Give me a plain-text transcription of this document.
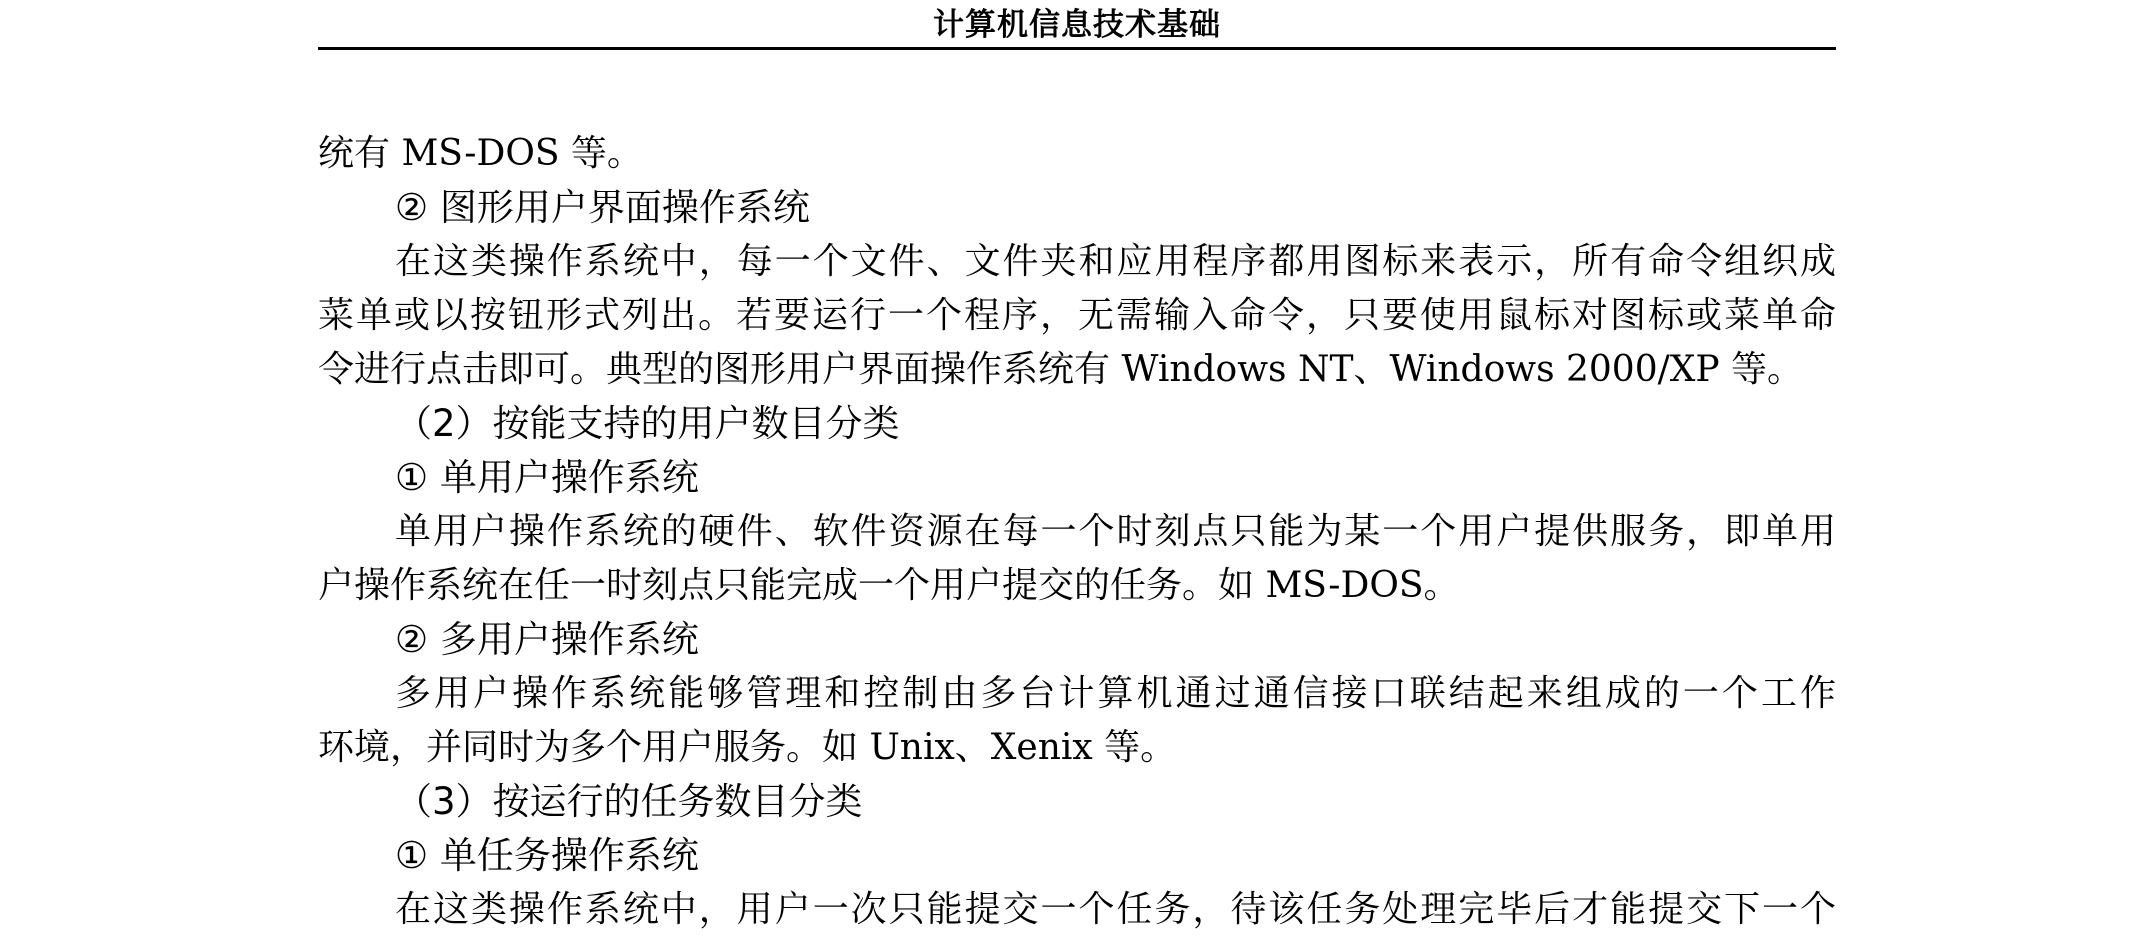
计算机信息技术基础
统有 MS-DOS 等。
② 图形用户界面操作系统
在这类操作系统中，每一个文件、文件夹和应用程序都用图标来表示，所有命令组织成
菜单或以按钮形式列出。若要运行一个程序，无需输入命令，只要使用鼠标对图标或菜单命
令进行点击即可。典型的图形用户界面操作系统有 Windows NT、Windows 2000/XP 等。
（2）按能支持的用户数目分类
① 单用户操作系统
单用户操作系统的硬件、软件资源在每一个时刻点只能为某一个用户提供服务，即单用
户操作系统在任一时刻点只能完成一个用户提交的任务。如 MS-DOS。
② 多用户操作系统
多用户操作系统能够管理和控制由多台计算机通过通信接口联结起来组成的一个工作
环境，并同时为多个用户服务。如 Unix、Xenix 等。
（3）按运行的任务数目分类
① 单任务操作系统
在这类操作系统中，用户一次只能提交一个任务，待该任务处理完毕后才能提交下一个
